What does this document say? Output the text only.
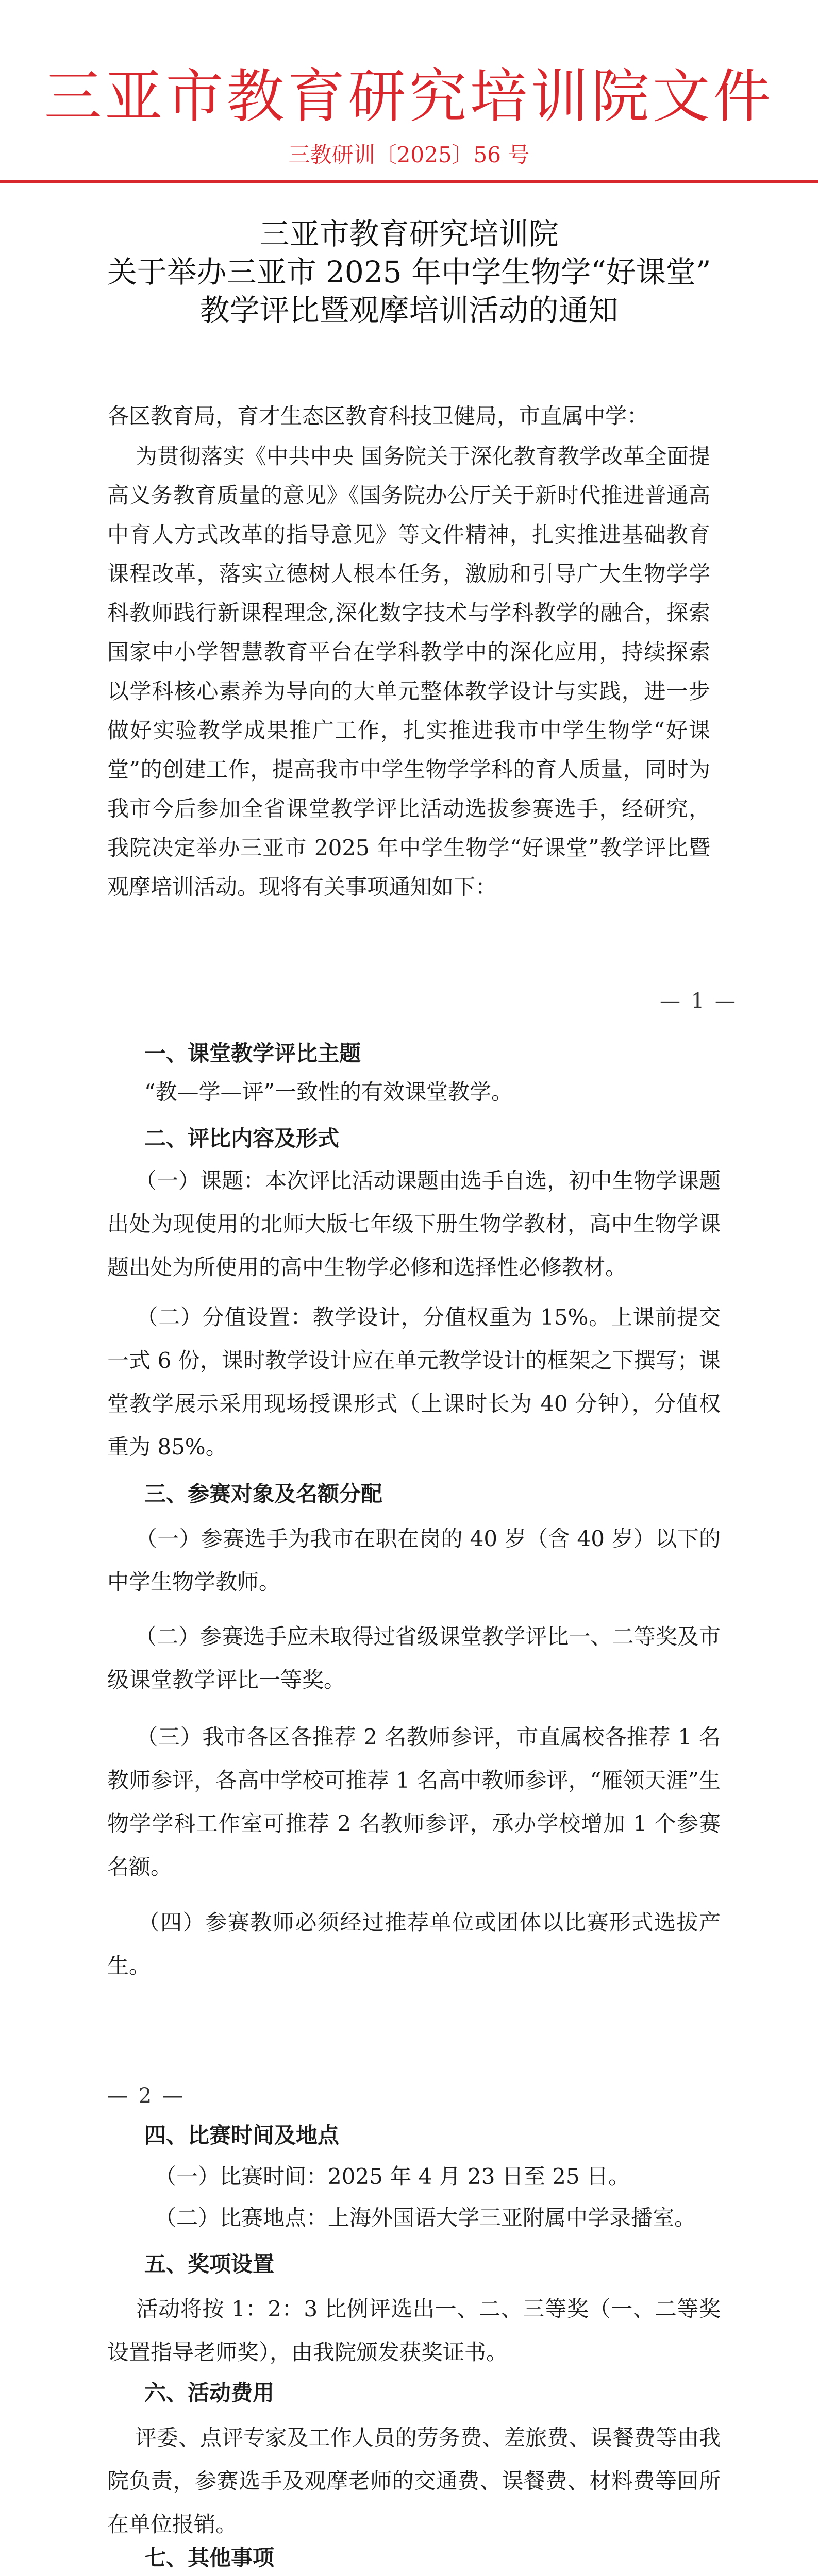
三亚市教育研究培训院文件
三教研训〔2025〕56 号
三亚市教育研究培训院
关于举办三亚市 2025 年中学生物学“好课堂”
教学评比暨观摩培训活动的通知
各区教育局，育才生态区教育科技卫健局，市直属中学：
为贯彻落实《中共中央 国务院关于深化教育教学改革全面提高义务教育质量的意见》《国务院办公厅关于新时代推进普通高中育人方式改革的指导意见》等文件精神，扎实推进基础教育课程改革，落实立德树人根本任务，激励和引导广大生物学学科教师践行新课程理念,深化数字技术与学科教学的融合，探索国家中小学智慧教育平台在学科教学中的深化应用，持续探索以学科核心素养为导向的大单元整体教学设计与实践，进一步做好实验教学成果推广工作，扎实推进我市中学生物学“好课堂”的创建工作，提高我市中学生物学学科的育人质量，同时为我市今后参加全省课堂教学评比活动选拔参赛选手，经研究，我院决定举办三亚市 2025 年中学生物学“好课堂”教学评比暨观摩培训活动。现将有关事项通知如下：
— 1 —
一、课堂教学评比主题
“教—学—评”一致性的有效课堂教学。
二、评比内容及形式
（一）课题：本次评比活动课题由选手自选，初中生物学课题出处为现使用的北师大版七年级下册生物学教材，高中生物学课题出处为所使用的高中生物学必修和选择性必修教材。
（二）分值设置：教学设计，分值权重为 15%。上课前提交一式 6 份，课时教学设计应在单元教学设计的框架之下撰写；课堂教学展示采用现场授课形式（上课时长为 40 分钟），分值权重为 85%。
三、参赛对象及名额分配
（一）参赛选手为我市在职在岗的 40 岁（含 40 岁）以下的中学生物学教师。
（二）参赛选手应未取得过省级课堂教学评比一、二等奖及市级课堂教学评比一等奖。
（三）我市各区各推荐 2 名教师参评，市直属校各推荐 1 名教师参评，各高中学校可推荐 1 名高中教师参评，“雁领天涯”生物学学科工作室可推荐 2 名教师参评，承办学校增加 1 个参赛名额。
（四）参赛教师必须经过推荐单位或团体以比赛形式选拔产生。
— 2 —
四、比赛时间及地点
（一）比赛时间：2025 年 4 月 23 日至 25 日。
（二）比赛地点：上海外国语大学三亚附属中学录播室。
五、奖项设置
活动将按 1：2：3 比例评选出一、二、三等奖（一、二等奖设置指导老师奖），由我院颁发获奖证书。
六、活动费用
评委、点评专家及工作人员的劳务费、差旅费、误餐费等由我院负责，参赛选手及观摩老师的交通费、误餐费、材料费等回所在单位报销。
七、其他事项
